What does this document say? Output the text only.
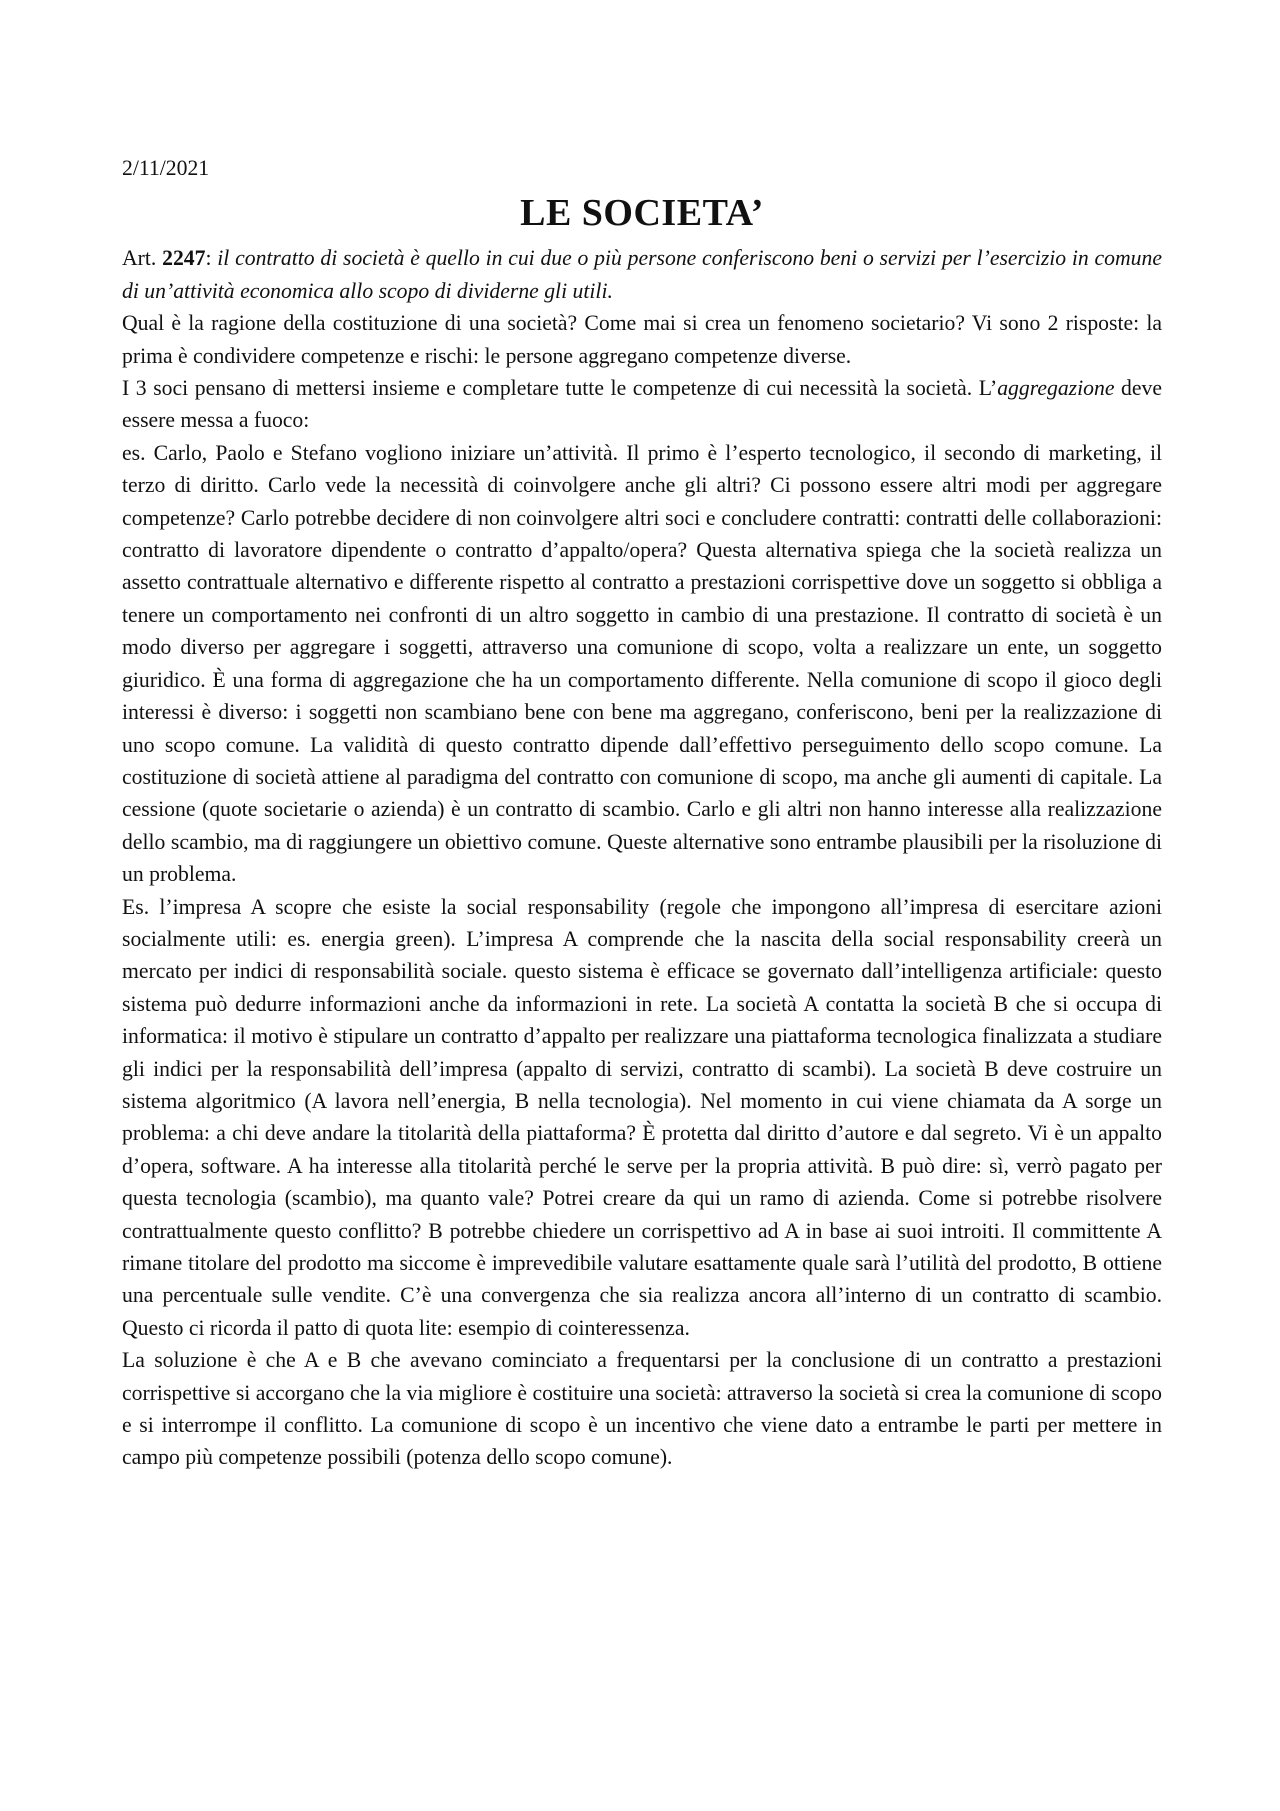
2/11/2021

LE SOCIETA’

Art. 2247: il contratto di società è quello in cui due o più persone conferiscono beni o servizi per l’esercizio in comune di un’attività economica allo scopo di dividerne gli utili.

Qual è la ragione della costituzione di una società? Come mai si crea un fenomeno societario? Vi sono 2 risposte: la prima è condividere competenze e rischi: le persone aggregano competenze diverse.

I 3 soci pensano di mettersi insieme e completare tutte le competenze di cui necessità la società. L’aggregazione deve essere messa a fuoco:

es. Carlo, Paolo e Stefano vogliono iniziare un’attività. Il primo è l’esperto tecnologico, il secondo di marketing, il terzo di diritto. Carlo vede la necessità di coinvolgere anche gli altri? Ci possono essere altri modi per aggregare competenze? Carlo potrebbe decidere di non coinvolgere altri soci e concludere contratti: contratti delle collaborazioni: contratto di lavoratore dipendente o contratto d’appalto/opera? Questa alternativa spiega che la società realizza un assetto contrattuale alternativo e differente rispetto al contratto a prestazioni corrispettive dove un soggetto si obbliga a tenere un comportamento nei confronti di un altro soggetto in cambio di una prestazione. Il contratto di società è un modo diverso per aggregare i soggetti, attraverso una comunione di scopo, volta a realizzare un ente, un soggetto giuridico. È una forma di aggregazione che ha un comportamento differente. Nella comunione di scopo il gioco degli interessi è diverso: i soggetti non scambiano bene con bene ma aggregano, conferiscono, beni per la realizzazione di uno scopo comune. La validità di questo contratto dipende dall’effettivo perseguimento dello scopo comune. La costituzione di società attiene al paradigma del contratto con comunione di scopo, ma anche gli aumenti di capitale. La cessione (quote societarie o azienda) è un contratto di scambio. Carlo e gli altri non hanno interesse alla realizzazione dello scambio, ma di raggiungere un obiettivo comune. Queste alternative sono entrambe plausibili per la risoluzione di un problema.

Es. l’impresa A scopre che esiste la social responsability (regole che impongono all’impresa di esercitare azioni socialmente utili: es. energia green). L’impresa A comprende che la nascita della social responsability creerà un mercato per indici di responsabilità sociale. questo sistema è efficace se governato dall’intelligenza artificiale: questo sistema può dedurre informazioni anche da informazioni in rete. La società A contatta la società B che si occupa di informatica: il motivo è stipulare un contratto d’appalto per realizzare una piattaforma tecnologica finalizzata a studiare gli indici per la responsabilità dell’impresa (appalto di servizi, contratto di scambi). La società B deve costruire un sistema algoritmico (A lavora nell’energia, B nella tecnologia). Nel momento in cui viene chiamata da A sorge un problema: a chi deve andare la titolarità della piattaforma? È protetta dal diritto d’autore e dal segreto. Vi è un appalto d’opera, software. A ha interesse alla titolarità perché le serve per la propria attività. B può dire: sì, verrò pagato per questa tecnologia (scambio), ma quanto vale? Potrei creare da qui un ramo di azienda. Come si potrebbe risolvere contrattualmente questo conflitto? B potrebbe chiedere un corrispettivo ad A in base ai suoi introiti. Il committente A rimane titolare del prodotto ma siccome è imprevedibile valutare esattamente quale sarà l’utilità del prodotto, B ottiene una percentuale sulle vendite. C’è una convergenza che sia realizza ancora all’interno di un contratto di scambio. Questo ci ricorda il patto di quota lite: esempio di cointeressenza.

La soluzione è che A e B che avevano cominciato a frequentarsi per la conclusione di un contratto a prestazioni corrispettive si accorgano che la via migliore è costituire una società: attraverso la società si crea la comunione di scopo e si interrompe il conflitto. La comunione di scopo è un incentivo che viene dato a entrambe le parti per mettere in campo più competenze possibili (potenza dello scopo comune).
